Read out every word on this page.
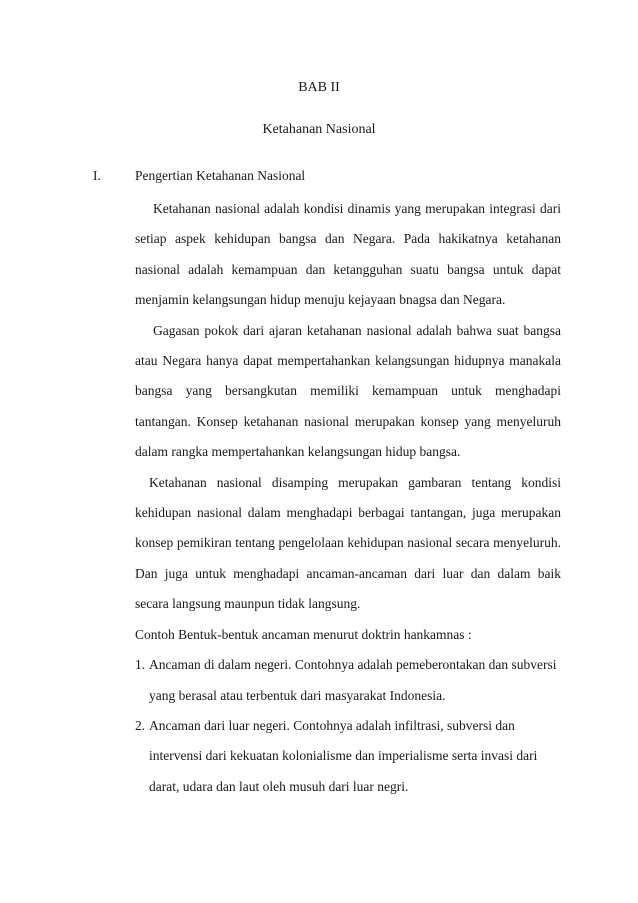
BAB II
Ketahanan Nasional
I.	Pengertian Ketahanan Nasional

Ketahanan nasional adalah kondisi dinamis yang merupakan integrasi dari setiap aspek kehidupan bangsa dan Negara. Pada hakikatnya ketahanan nasional adalah kemampuan dan ketangguhan suatu bangsa untuk dapat menjamin kelangsungan hidup menuju kejayaan bnagsa dan Negara.

Gagasan pokok dari ajaran ketahanan nasional adalah bahwa suat bangsa atau Negara hanya dapat mempertahankan kelangsungan hidupnya manakala bangsa yang bersangkutan memiliki kemampuan untuk menghadapi tantangan. Konsep ketahanan nasional merupakan konsep yang menyeluruh dalam rangka mempertahankan kelangsungan hidup bangsa.

Ketahanan nasional disamping merupakan gambaran tentang kondisi kehidupan nasional dalam menghadapi berbagai tantangan, juga merupakan konsep pemikiran tentang pengelolaan kehidupan nasional secara menyeluruh. Dan juga untuk menghadapi ancaman-ancaman dari luar dan dalam baik secara langsung maunpun tidak langsung.

Contoh Bentuk-bentuk ancaman menurut doktrin hankamnas :

1. Ancaman di dalam negeri. Contohnya adalah pemeberontakan dan subversi yang berasal atau terbentuk dari masyarakat Indonesia.

2. Ancaman dari luar negeri. Contohnya adalah infiltrasi, subversi dan intervensi dari kekuatan kolonialisme dan imperialisme serta invasi dari darat, udara dan laut oleh musuh dari luar negri.
